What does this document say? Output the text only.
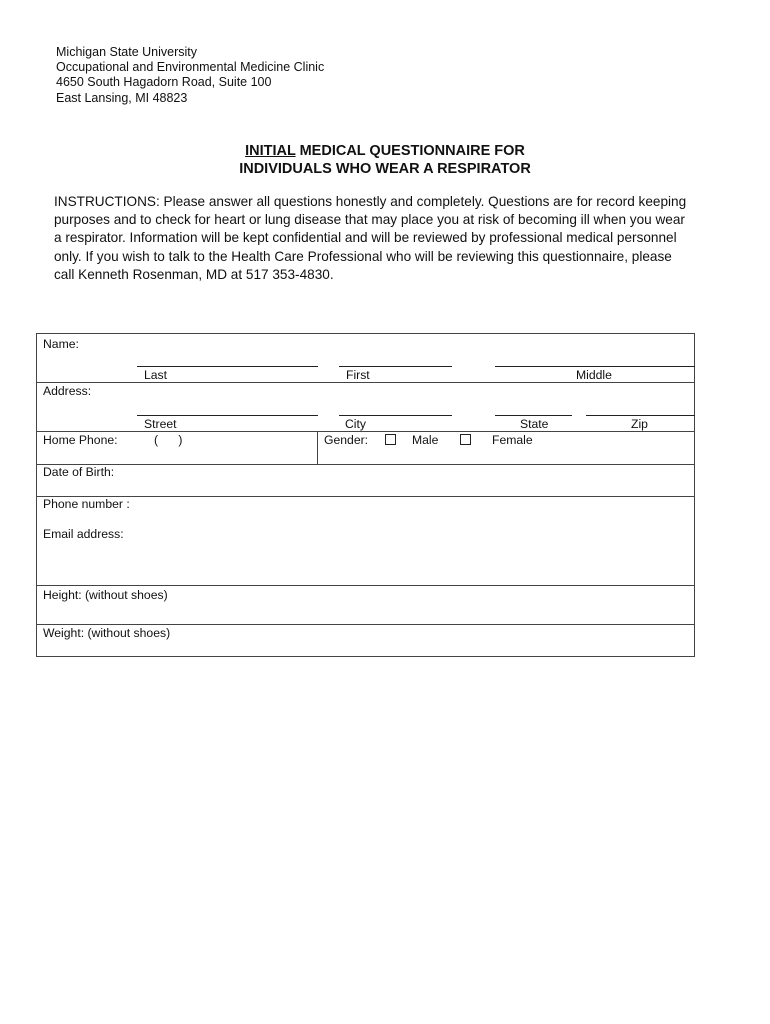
Michigan State University
Occupational and Environmental Medicine Clinic
4650 South Hagadorn Road, Suite 100
East Lansing, MI 48823
INITIAL MEDICAL QUESTIONNAIRE FOR
INDIVIDUALS WHO WEAR A RESPIRATOR
INSTRUCTIONS: Please answer all questions honestly and completely. Questions are for record keeping purposes and to check for heart or lung disease that may place you at risk of becoming ill when you wear a respirator. Information will be kept confidential and will be reviewed by professional medical personnel only. If you wish to talk to the Health Care Professional who will be reviewing this questionnaire, please call Kenneth Rosenman, MD at 517 353-4830.
Name:
Last	First	Middle
Address:
Street	City	State	Zip
Home Phone:	(      )	Gender:	Male	Female
Date of Birth:
Phone number :
Email address:
Height: (without shoes)
Weight: (without shoes)
